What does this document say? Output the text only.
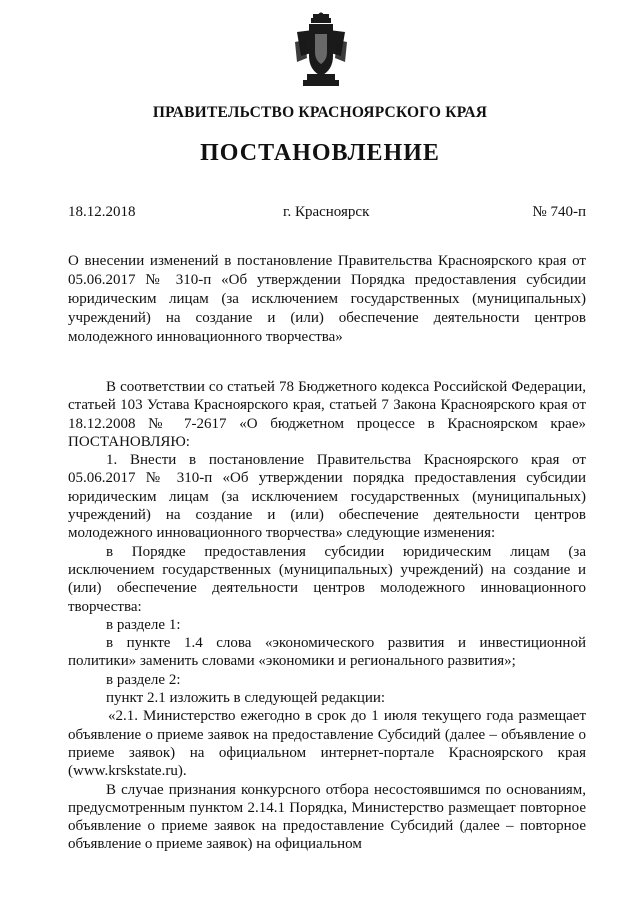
ПРАВИТЕЛЬСТВО КРАСНОЯРСКОГО КРАЯ
ПОСТАНОВЛЕНИЕ
18.12.2018	г. Красноярск	№ 740-п
О внесении изменений в постановление Правительства Красноярского края от 05.06.2017 № 310-п «Об утверждении Порядка предоставления субсидии юридическим лицам (за исключением государственных (муниципальных) учреждений) на создание и (или) обеспечение деятельности центров молодежного инновационного творчества»

В соответствии со статьей 78 Бюджетного кодекса Российской Федерации, статьей 103 Устава Красноярского края, статьей 7 Закона Красноярского края от 18.12.2008 № 7-2617 «О бюджетном процессе в Красноярском крае» ПОСТАНОВЛЯЮ:

1. Внести в постановление Правительства Красноярского края от 05.06.2017 № 310-п «Об утверждении порядка предоставления субсидии юридическим лицам (за исключением государственных (муниципальных) учреждений) на создание и (или) обеспечение деятельности центров молодежного инновационного творчества» следующие изменения:

в Порядке предоставления субсидии юридическим лицам (за исключением государственных (муниципальных) учреждений) на создание и (или) обеспечение деятельности центров молодежного инновационного творчества:

в разделе 1:

в пункте 1.4 слова «экономического развития и инвестиционной политики» заменить словами «экономики и регионального развития»;

в разделе 2:

пункт 2.1 изложить в следующей редакции:

«2.1. Министерство ежегодно в срок до 1 июля текущего года размещает объявление о приеме заявок на предоставление Субсидий (далее – объявление о приеме заявок) на официальном интернет-портале Красноярского края (www.krskstate.ru).

В случае признания конкурсного отбора несостоявшимся по основаниям, предусмотренным пунктом 2.14.1 Порядка, Министерство размещает повторное объявление о приеме заявок на предоставление Субсидий (далее – повторное объявление о приеме заявок) на официальном
